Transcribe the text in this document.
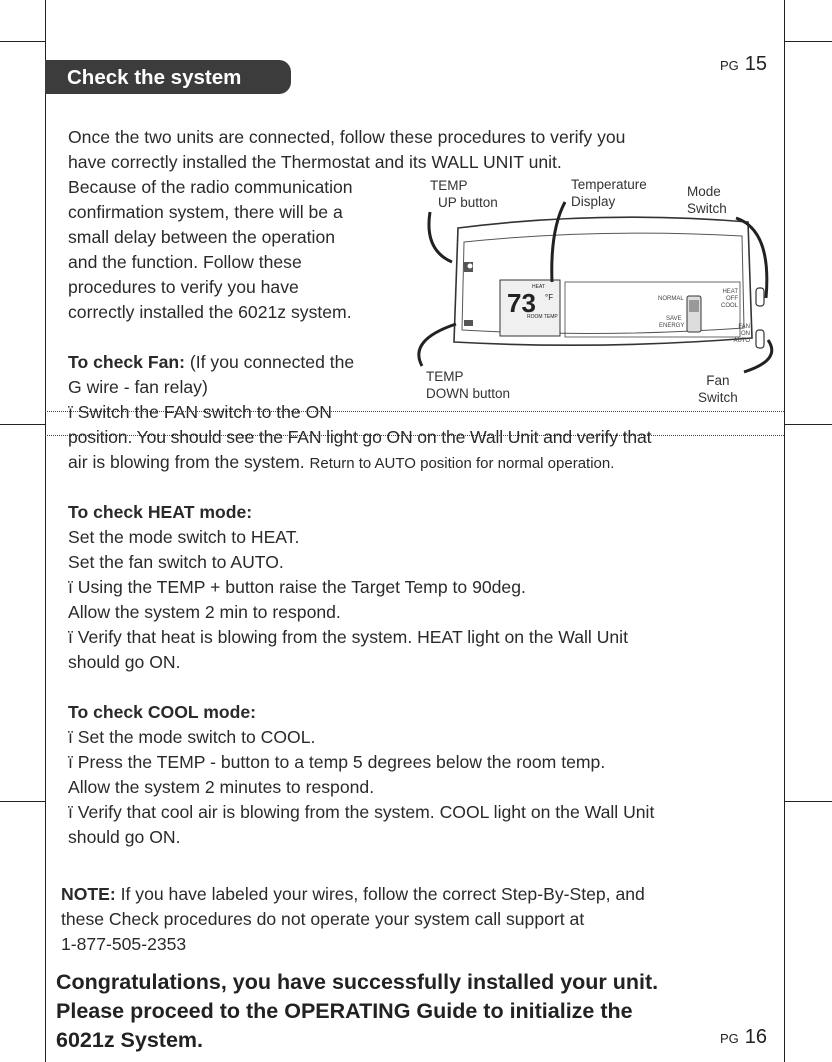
PG 15
Check the system
Once the two units are connected, follow these procedures to verify you
have correctly installed the Thermostat and its WALL UNIT unit.
Because of the radio communication
confirmation system, there will be a
small delay between the operation
and the function. Follow these
procedures to verify you have
correctly installed the 6021z system.
To check Fan: (If you connected the
G wire - fan relay)
ï Switch the FAN switch to the ON
position. You should see the FAN light go ON on the Wall Unit and verify that
air is blowing from the system. Return to AUTO position for normal operation.
To check HEAT mode:
Set the mode switch to HEAT.
Set the fan switch to AUTO.
ï Using the TEMP + button raise the Target Temp to 90deg.
Allow the system 2 min to respond.
ï Verify that heat is blowing from the system. HEAT light on the Wall Unit
should go ON.
To check COOL mode:
ï Set the mode switch to COOL.
ï Press the TEMP - button to a temp 5 degrees below the room temp.
Allow the system 2 minutes to respond.
ï Verify that cool air is blowing from the system. COOL light on the Wall Unit
should go ON.
NOTE: If you have labeled your wires, follow the correct Step-By-Step, and
these Check procedures do not operate your system call support at
1-877-505-2353
Congratulations, you have successfully installed your unit.
Please proceed to the OPERATING Guide to initialize the
6021z System.	PG 16
TEMP
UP button
Temperature
Display
Mode
Switch
TEMP
DOWN button
Fan
Switch
73 °F
HEAT
ROOM TEMP
NORMAL
SAVE
ENERGY
HEAT
OFF
COOL
FAN
ON
AUTO
